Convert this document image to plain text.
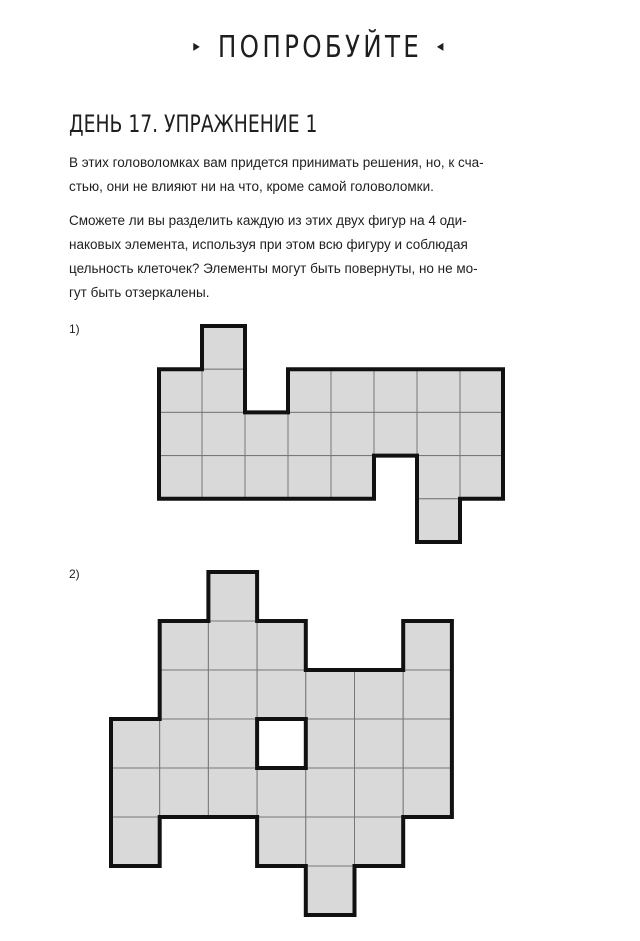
▸ ПОПРОБУЙТЕ ◂
ДЕНЬ 17. УПРАЖНЕНИЕ 1

В этих головоломках вам придется принимать решения, но, к сча-
стью, они не влияют ни на что, кроме самой головоломки.

Сможете ли вы разделить каждую из этих двух фигур на 4 оди-
наковых элемента, используя при этом всю фигуру и соблюдая
цельность клеточек? Элементы могут быть повернуты, но не мо-
гут быть отзеркалены.

1)
2)
